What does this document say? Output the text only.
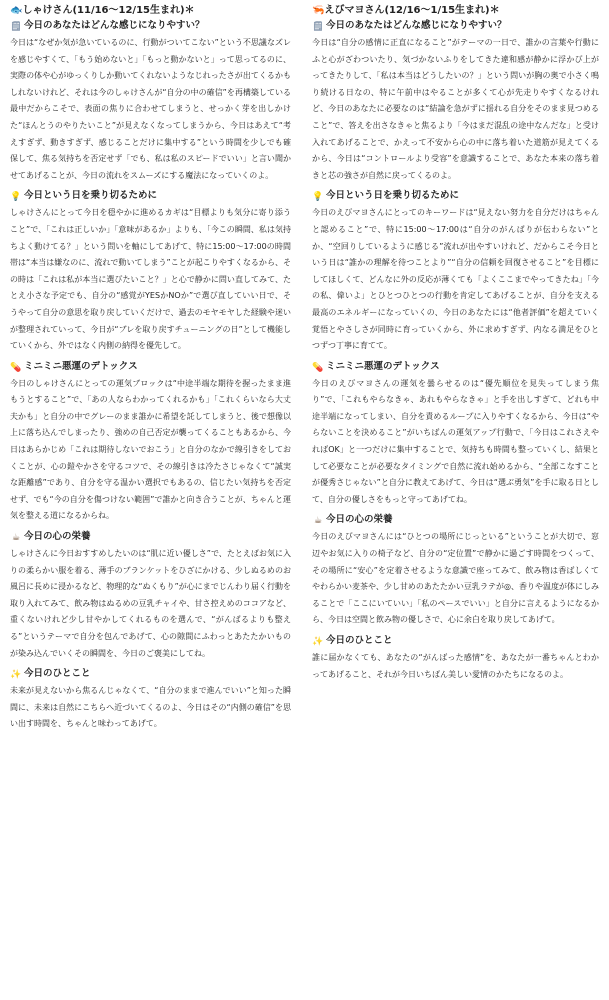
🐟しゃけさん(11/16〜12/15生まれ)＊
🗒 今日のあなたはどんな感じになりやすい？

今日は“なぜか気が急いているのに、行動がついてこない”という不思議なズレを感じやすくて、「もう始めないと」「もっと動かないと」って思ってるのに、実際の体や心がゆっくりしか動いてくれないようなじれったさが出てくるかもしれないけれど、それは今のしゃけさんが“自分の中の確信”を再構築している最中だからこそで、表面の焦りに合わせてしまうと、せっかく芽を出しかけた“ほんとうのやりたいこと”が見えなくなってしまうから、今日はあえて“考えすぎず、動きすぎず、感じることだけに集中する”という時間を少しでも確保して、焦る気持ちを否定せず「でも、私は私のスピードでいい」と言い聞かせてあげることが、今日の流れをスムーズにする魔法になっていくのよ。

💡 今日という日を乗り切るために

しゃけさんにとって今日を穏やかに進めるカギは“目標よりも気分に寄り添うこと”で、「これは正しいか」「意味があるか」よりも、「今この瞬間、私は気持ちよく動けてる？」という問いを軸にしてあげて、特に15:00〜17:00の時間帯は“本当は嫌なのに、流れで動いてしまう”ことが起こりやすくなるから、その時は「これは私が本当に選びたいこと？」と心で静かに問い直してみて、たとえ小さな予定でも、自分の“感覚がYESかNOか”で選び直していい日で、そうやって自分の意思を取り戻していくだけで、過去のモヤモヤした経験や迷いが整理されていって、今日が“ブレを取り戻すチューニングの日”として機能していくから、外ではなく内側の納得を優先して。

💊 ミニミニ悪運のデトックス

今日のしゃけさんにとっての運気ブロックは“中途半端な期待を握ったまま進もうとすること”で、「あの人ならわかってくれるかも」「これくらいなら大丈夫かも」と自分の中でグレーのまま誰かに希望を託してしまうと、後で想像以上に落ち込んでしまったり、強めの自己否定が襲ってくることもあるから、今日はあらかじめ「これは期待しないでおこう」と自分のなかで線引きをしておくことが、心の鎧やかさを守るコツで、その線引きは冷たさじゃなくて“誠実な距離感”であり、自分を守る温かい選択でもあるの、信じたい気持ちを否定せず、でも“今の自分を傷つけない範囲”で誰かと向き合うことが、ちゃんと運気を整える道になるからね。

☕ 今日の心の栄養

しゃけさんに今日おすすめしたいのは“肌に近い優しさ”で、たとえばお気に入りの柔らかい服を着る、薄手のブランケットをひざにかける、少しぬるめのお風呂に長めに浸かるなど、物理的な“ぬくもり”が心にまでじんわり届く行動を取り入れてみて、飲み物はぬるめの豆乳チャイや、甘さ控えめのココアなど、重くないけれど少し甘やかしてくれるものを選んで、“がんばるよりも整える”というテーマで自分を包んであげて、心の隙間にふわっとあたたかいものが染み込んでいくその瞬間を、今日のご褒美にしてね。

✨ 今日のひとこと

未来が見えないから焦るんじゃなくて、“自分のままで進んでいい”と知った瞬間に、未来は自然にこちらへ近づいてくるのよ、今日はその“内側の確信”を思い出す時間を、ちゃんと味わってあげて。

🦐えびマヨさん(12/16〜1/15生まれ)＊
🗒 今日のあなたはどんな感じになりやすい？

今日は“自分の感情に正直になること”がテーマの一日で、誰かの言葉や行動にふと心がざわついたり、気づかないふりをしてきた違和感が静かに浮かび上がってきたりして、「私は本当はどうしたいの？」という問いが胸の奥で小さく鳴り続ける日なの、特に午前中はやることが多くて心が先走りやすくなるけれど、今日のあなたに必要なのは“結論を急がずに揺れる自分をそのまま見つめること”で、答えを出さなきゃと焦るより「今はまだ混乱の途中なんだな」と受け入れてあげることで、かえって不安から心の中に落ち着いた道筋が見えてくるから、今日は“コントロールより受容”を意識することで、あなた本来の落ち着きと芯の強さが自然に戻ってくるのよ。

💡 今日という日を乗り切るために

今日のえびマヨさんにとってのキーワードは“見えない努力を自分だけはちゃんと認めること”で、特に15:00〜17:00は“自分のがんばりが伝わらない”とか、“空回りしているように感じる”流れが出やすいけれど、だからこそ今日という日は“誰かの理解を待つことより”“自分の信頼を回復させること”を目標にしてほしくて、どんなに外の反応が薄くても「よくここまでやってきたね」「今の私、偉いよ」とひとつひとつの行動を肯定してあげることが、自分を支える最高のエネルギーになっていくの、今日のあなたには“他者評価”を超えていく覚悟とやさしさが同時に育っていくから、外に求めすぎず、内なる満足をひとつずつ丁寧に育てて。

💊 ミニミニ悪運のデトックス

今日のえびマヨさんの運気を曇らせるのは“優先順位を見失ってしまう焦り”で、「これもやらなきゃ、あれもやらなきゃ」と手を出しすぎて、どれも中途半端になってしまい、自分を責めるループに入りやすくなるから、今日は“やらないことを決めること”がいちばんの運気アップ行動で、「今日はこれさえやればOK」と一つだけに集中することで、気持ちも時間も整っていくし、結果として必要なことが必要なタイミングで自然に流れ始めるから、“全部こなすことが優秀さじゃない”と自分に教えてあげて、今日は“選ぶ勇気”を手に取る日として、自分の優しさをもっと守ってあげてね。

☕ 今日の心の栄養

今日のえびマヨさんには“ひとつの場所にじっといる”ということが大切で、窓辺やお気に入りの椅子など、自分の“定位置”で静かに過ごす時間をつくって、その場所に“安心”を定着させるような意識で座ってみて、飲み物は香ばしくてやわらかい麦茶や、少し甘めのあたたかい豆乳ラテが◎、香りや温度が体にしみることで「ここにいていい」「私のペースでいい」と自分に言えるようになるから、今日は空間と飲み物の優しさで、心に余白を取り戻してあげて。

✨ 今日のひとこと

誰に届かなくても、あなたの“がんばった感情”を、あなたが一番ちゃんとわかってあげること、それが今日いちばん美しい愛情のかたちになるのよ。
